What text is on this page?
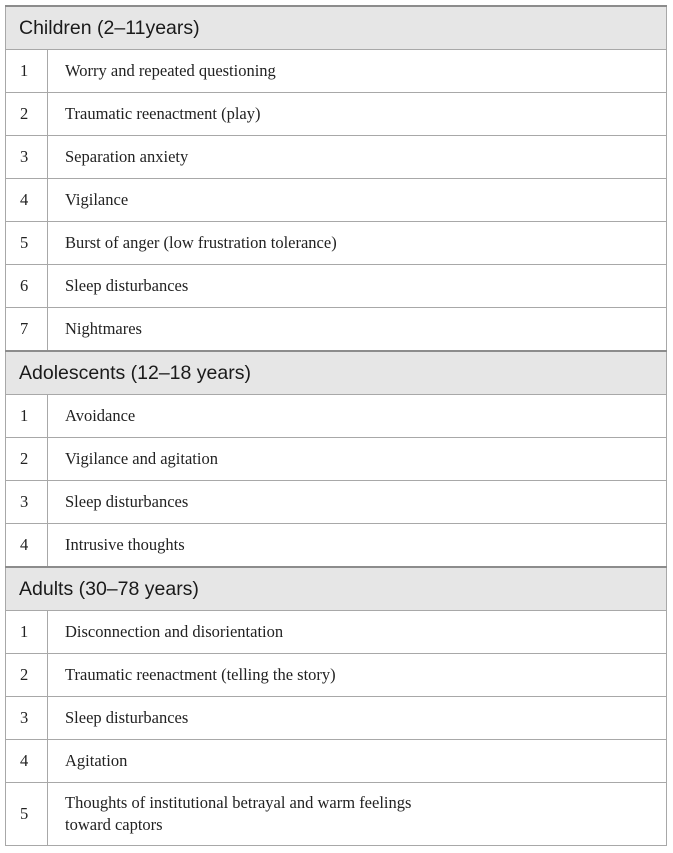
Children (2–11years)	
1	Worry and repeated questioning
2	Traumatic reenactment (play)
3	Separation anxiety
4	Vigilance
5	Burst of anger (low frustration tolerance)
6	Sleep disturbances
7	Nightmares
Adolescents (12–18 years)	
1	Avoidance
2	Vigilance and agitation
3	Sleep disturbances
4	Intrusive thoughts
Adults (30–78 years)	
1	Disconnection and disorientation
2	Traumatic reenactment (telling the story)
3	Sleep disturbances
4	Agitation
5	Thoughts of institutional betrayal and warm feelings toward captors
